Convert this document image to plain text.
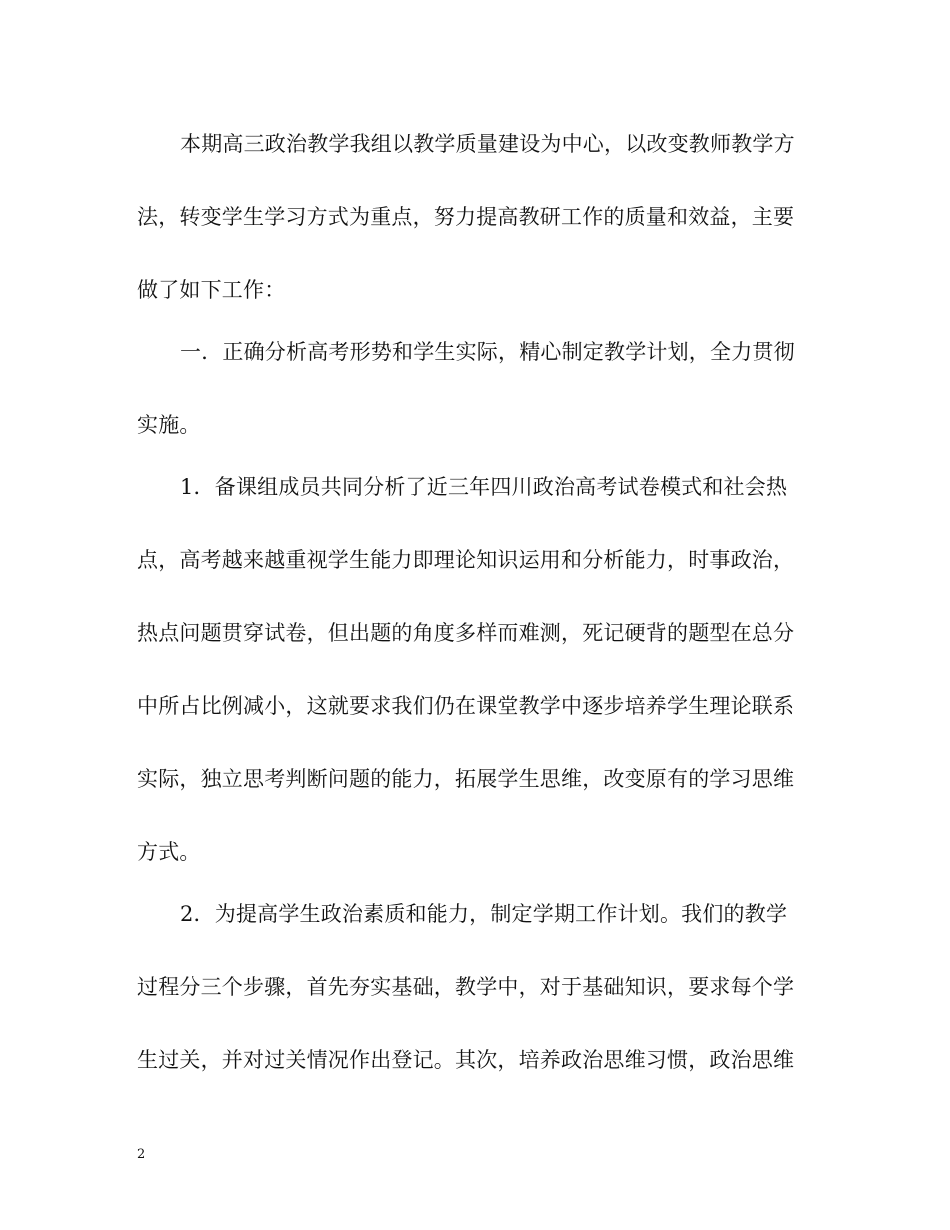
本期高三政治教学我组以教学质量建设为中心，以改变教师教学方
法，转变学生学习方式为重点，努力提高教研工作的质量和效益，主要
做了如下工作：
一．正确分析高考形势和学生实际，精心制定教学计划，全力贯彻
实施。
1．备课组成员共同分析了近三年四川政治高考试卷模式和社会热
点，高考越来越重视学生能力即理论知识运用和分析能力，时事政治，
热点问题贯穿试卷，但出题的角度多样而难测，死记硬背的题型在总分
中所占比例减小，这就要求我们仍在课堂教学中逐步培养学生理论联系
实际，独立思考判断问题的能力，拓展学生思维，改变原有的学习思维
方式。
2．为提高学生政治素质和能力，制定学期工作计划。我们的教学
过程分三个步骤，首先夯实基础，教学中，对于基础知识，要求每个学
生过关，并对过关情况作出登记。其次，培养政治思维习惯，政治思维
2
